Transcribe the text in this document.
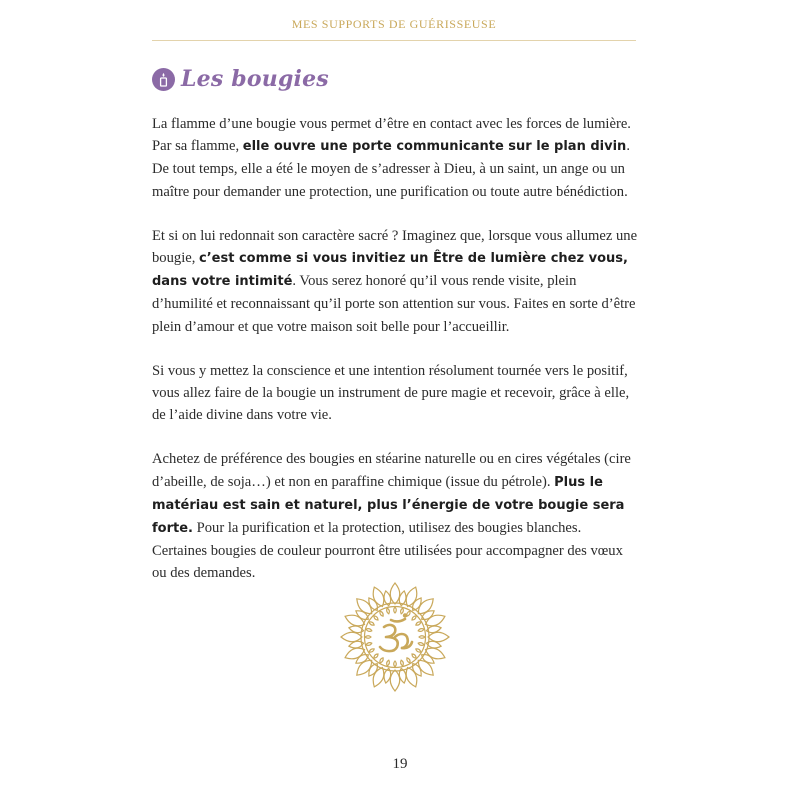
MES SUPPORTS DE GUÉRISSEUSE
Les bougies

La flamme d’une bougie vous permet d’être en contact avec les forces de lumière. Par sa flamme, elle ouvre une porte communicante sur le plan divin. De tout temps, elle a été le moyen de s’adresser à Dieu, à un saint, un ange ou un maître pour demander une protection, une purification ou toute autre bénédiction.

Et si on lui redonnait son caractère sacré ? Imaginez que, lorsque vous allumez une bougie, c’est comme si vous invitiez un Être de lumière chez vous, dans votre intimité. Vous serez honoré qu’il vous rende visite, plein d’humilité et reconnaissant qu’il porte son attention sur vous. Faites en sorte d’être plein d’amour et que votre maison soit belle pour l’accueillir.

Si vous y mettez la conscience et une intention résolument tournée vers le positif, vous allez faire de la bougie un instrument de pure magie et recevoir, grâce à elle, de l’aide divine dans votre vie.

Achetez de préférence des bougies en stéarine naturelle ou en cires végétales (cire d’abeille, de soja…) et non en paraffine chimique (issue du pétrole). Plus le matériau est sain et naturel, plus l’énergie de votre bougie sera forte. Pour la purification et la protection, utilisez des bougies blanches. Certaines bougies de couleur pourront être utilisées pour accompagner des vœux ou des demandes.

19
